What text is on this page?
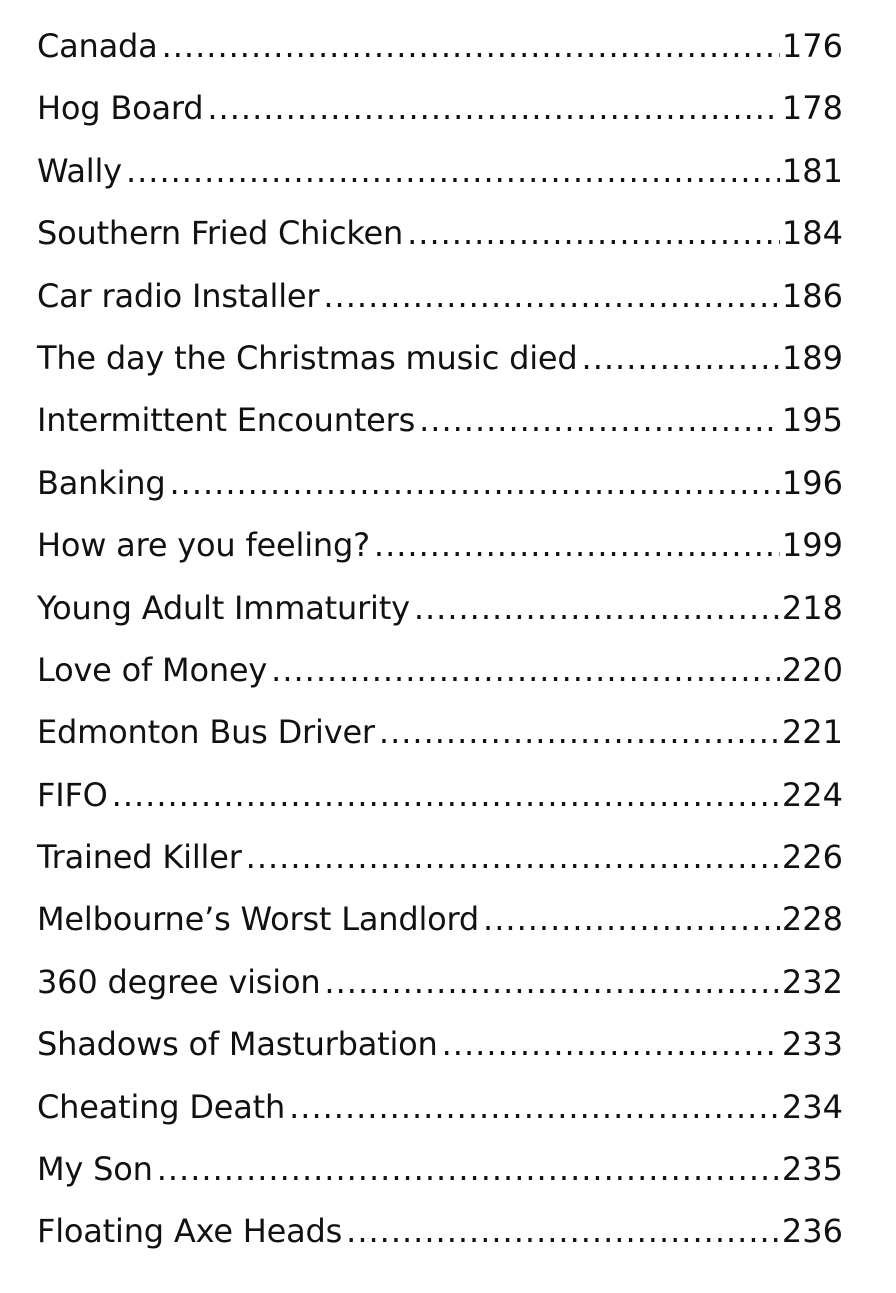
Canada .....	176
Hog Board .....	178
Wally .....	181
Southern Fried Chicken .....	184
Car radio Installer .....	186
The day the Christmas music died .....	189
Intermittent Encounters .....	195
Banking .....	196
How are you feeling? .....	199
Young Adult Immaturity .....	218
Love of Money .....	220
Edmonton Bus Driver .....	221
FIFO .....	224
Trained Killer .....	226
Melbourne’s Worst Landlord .....	228
360 degree vision .....	232
Shadows of Masturbation .....	233
Cheating Death .....	234
My Son .....	235
Floating Axe Heads .....	236
